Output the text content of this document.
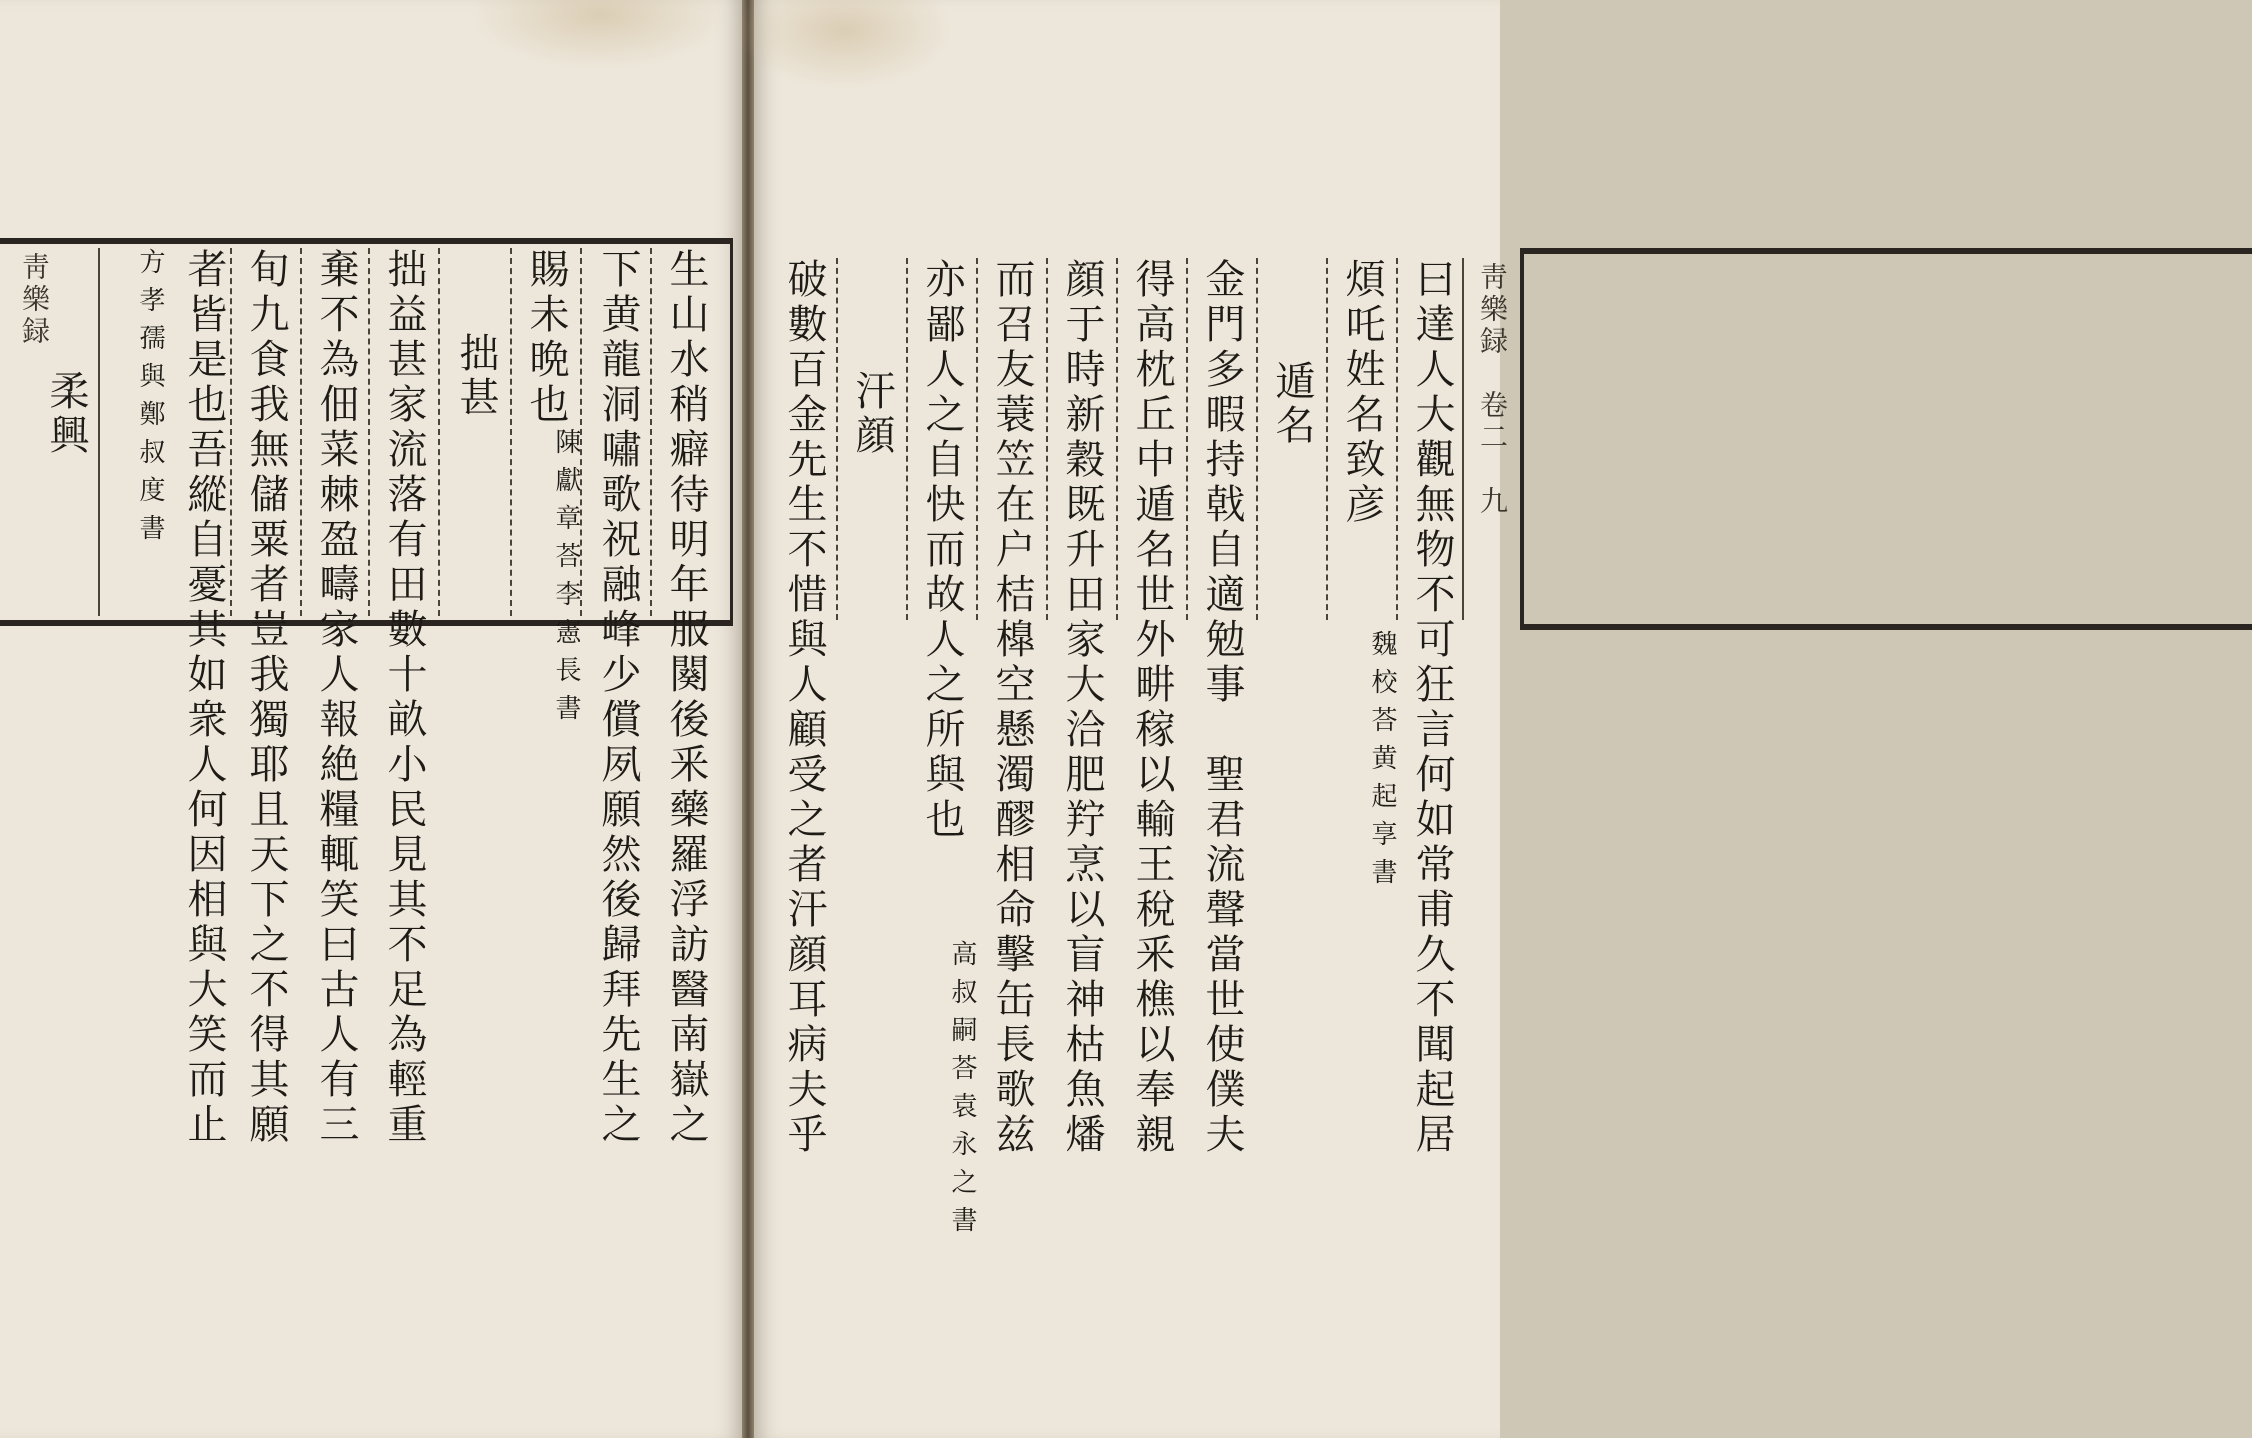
靑樂録
柔興	方孝孺與鄭叔度書 者皆是也吾縱自憂其如衆人何因相與大笑而止 旬九食我無儲粟者豈我獨耶且天下之不得其願 棄不為佃菜棘盈疇家人報絶糧輒笑曰古人有三 拙益甚家流落有田數十畝小民見其不足為輕重 拙甚
陳獻章荅李憲長書
賜未晩也 下黄龍洞嘯歌祝融峰少償夙願然後歸拜先生之 生山水稍癖待明年服闋後釆藥羅浮訪醫南嶽之 破數百金先生不惜與人顧受之者汗顔耳病夫乎 汗顔
高叔嗣荅袁永之書
亦鄙人之自快而故人之所與也 而召友蓑笠在户桔橰空懸濁醪相命擊缶長歌兹 顔于時新穀既升田家大洽肥羜烹以盲神枯魚燔 得高枕丘中遁名世外畊稼以輸王稅釆樵以奉親 金門多暇持戟自適勉事　聖君流聲當世使僕夫 遁名
魏校荅黄起享書
煩吒姓名致彦 曰達人大觀無物不可狂言何如常甫久不聞起居 靑樂録　卷二　九
